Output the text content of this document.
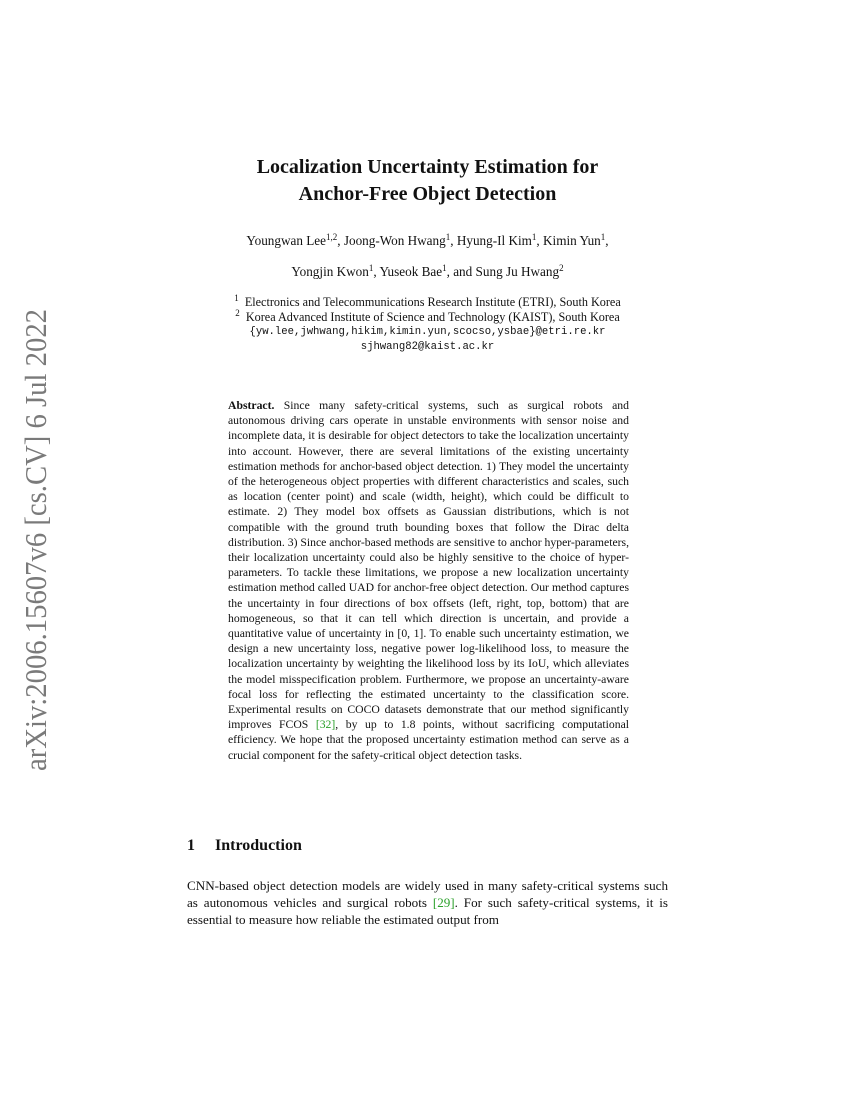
arXiv:2006.15607v6 [cs.CV] 6 Jul 2022
Localization Uncertainty Estimation for
Anchor-Free Object Detection
Youngwan Lee$^{1,2}$, Joong-Won Hwang$^1$, Hyung-Il Kim$^1$, Kimin Yun$^1$,
Yongjin Kwon$^1$, Yuseok Bae$^1$, and Sung Ju Hwang$^2$
$^1$ Electronics and Telecommunications Research Institute (ETRI), South Korea
$^2$ Korea Advanced Institute of Science and Technology (KAIST), South Korea
{yw.lee,jwhwang,hikim,kimin.yun,scocso,ysbae}@etri.re.kr
sjhwang82@kaist.ac.kr
Abstract. Since many safety-critical systems, such as surgical robots and autonomous driving cars operate in unstable environments with sensor noise and incomplete data, it is desirable for object detectors to take the localization uncertainty into account. However, there are several limitations of the existing uncertainty estimation methods for anchor-based object detection. 1) They model the uncertainty of the heterogeneous object properties with different characteristics and scales, such as location (center point) and scale (width, height), which could be difficult to estimate. 2) They model box offsets as Gaussian distributions, which is not compatible with the ground truth bounding boxes that follow the Dirac delta distribution. 3) Since anchor-based methods are sensitive to anchor hyper-parameters, their localization uncertainty could also be highly sensitive to the choice of hyper-parameters. To tackle these limitations, we propose a new localization uncertainty estimation method called UAD for anchor-free object detection. Our method captures the uncertainty in four directions of box offsets (left, right, top, bottom) that are homogeneous, so that it can tell which direction is uncertain, and provide a quantitative value of uncertainty in [0, 1]. To enable such uncertainty estimation, we design a new uncertainty loss, negative power log-likelihood loss, to measure the localization uncertainty by weighting the likelihood loss by its IoU, which alleviates the model misspecification problem. Furthermore, we propose an uncertainty-aware focal loss for reflecting the estimated uncertainty to the classification score. Experimental results on COCO datasets demonstrate that our method significantly improves FCOS [32], by up to 1.8 points, without sacrificing computational efficiency. We hope that the proposed uncertainty estimation method can serve as a crucial component for the safety-critical object detection tasks.
1 Introduction
CNN-based object detection models are widely used in many safety-critical systems such as autonomous vehicles and surgical robots [29]. For such safety-critical systems, it is essential to measure how reliable the estimated output from
